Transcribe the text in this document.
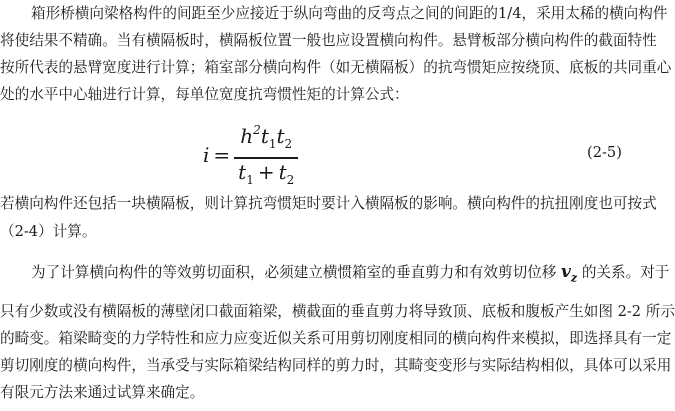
箱形桥横向梁格构件的间距至少应接近于纵向弯曲的反弯点之间的间距的1/4，采用太稀的横向构件
将使结果不精确。当有横隔板时，横隔板位置一般也应设置横向构件。悬臂板部分横向构件的截面特性
按所代表的悬臂宽度进行计算；箱室部分横向构件（如无横隔板）的抗弯惯矩应按绕顶、底板的共同重心
处的水平中心轴进行计算，每单位宽度抗弯惯性矩的计算公式：
$i = \frac{h^2t_1t_2}{t_1 + t_2}$	(2-5)
若横向构件还包括一块横隔板，则计算抗弯惯矩时要计入横隔板的影响。横向构件的抗扭刚度也可按式
（2-4）计算。
为了计算横向构件的等效剪切面积，必须建立横惯箱室的垂直剪力和有效剪切位移 $v_z$ 的关系。对于
只有少数或没有横隔板的薄壁闭口截面箱梁，横截面的垂直剪力将导致顶、底板和腹板产生如图 2-2 所示
的畸变。箱梁畸变的力学特性和应力应变近似关系可用剪切刚度相同的横向构件来模拟，即选择具有一定
剪切刚度的横向构件，当承受与实际箱梁结构同样的剪力时，其畸变变形与实际结构相似，具体可以采用
有限元方法来通过试算来确定。
